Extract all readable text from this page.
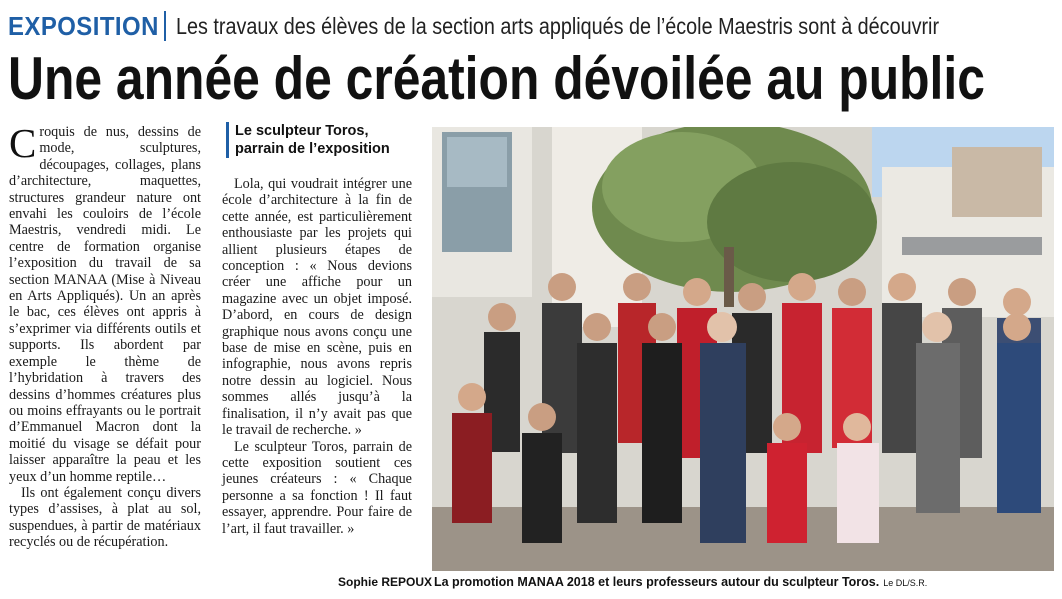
EXPOSITION Les travaux des élèves de la section arts appliqués de l’école Maestris sont à découvrir
Une année de création dévoilée au public

Croquis de nus, dessins de mode, sculptures, découpages, collages, plans d’architecture, maquettes, structures grandeur nature ont envahi les couloirs de l’école Maestris, vendredi midi. Le centre de formation organise l’exposition du travail de sa section MANAA (Mise à Niveau en Arts Appliqués). Un an après le bac, ces élèves ont appris à s’exprimer via différents outils et supports. Ils abordent par exemple le thème de l’hybridation à travers des dessins d’hommes créatures plus ou moins effrayants ou le portrait d’Emmanuel Macron dont la moitié du visage se défait pour laisser apparaître la peau et les yeux d’un homme reptile…

Ils ont également conçu divers types d’assises, à plat au sol, suspendues, à partir de matériaux recyclés ou de récupération.

Le sculpteur Toros, parrain de l’exposition

Lola, qui voudrait intégrer une école d’architecture à la fin de cette année, est particulièrement enthousiaste par les projets qui allient plusieurs étapes de conception : « Nous devions créer une affiche pour un magazine avec un objet imposé. D’abord, en cours de design graphique nous avons conçu une base de mise en scène, puis en infographie, nous avons repris notre dessin au logiciel. Nous sommes allés jusqu’à la finalisation, il n’y avait pas que le travail de recherche. »

Le sculpteur Toros, parrain de cette exposition soutient ces jeunes créateurs : « Chaque personne a sa fonction ! Il faut essayer, apprendre. Pour faire de l’art, il faut travailler. »

Sophie REPOUX La promotion MANAA 2018 et leurs professeurs autour du sculpteur Toros. Le DL/S.R.
